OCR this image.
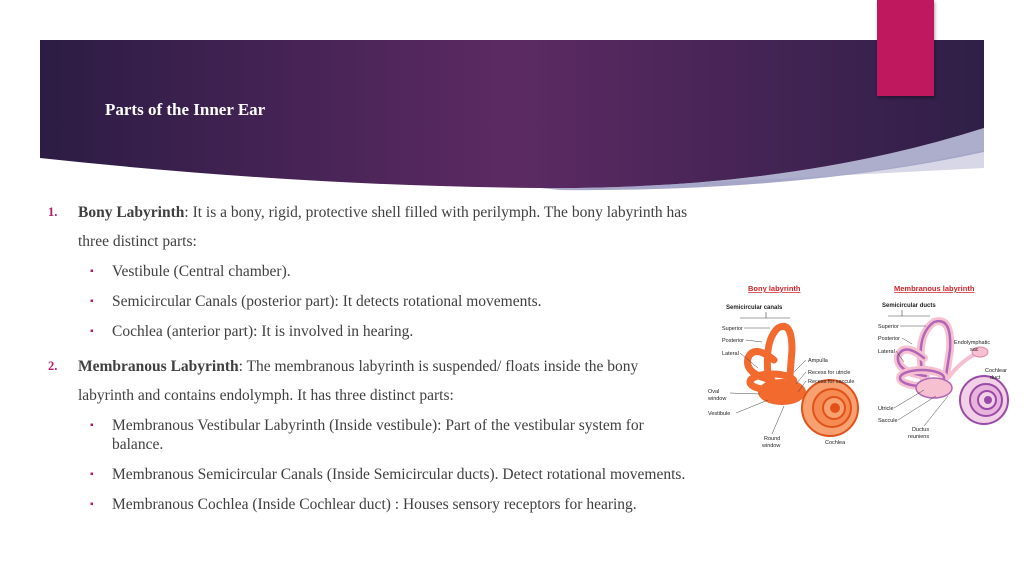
Parts of the Inner Ear
1. Bony Labyrinth: It is a bony, rigid, protective shell filled with perilymph. The bony labyrinth has three distinct parts:
▪ Vestibule (Central chamber).
▪ Semicircular Canals (posterior part): It detects rotational movements.
▪ Cochlea (anterior part): It is involved in hearing.
2. Membranous Labyrinth: The membranous labyrinth is suspended/ floats inside the bony labyrinth and contains endolymph. It has three distinct parts:
▪ Membranous Vestibular Labyrinth (Inside vestibule): Part of the vestibular system for balance.
▪ Membranous Semicircular Canals (Inside Semicircular ducts). Detect rotational movements.
▪ Membranous Cochlea (Inside Cochlear duct) : Houses sensory receptors for hearing.
Bony labyrinth
Semicircular canals
Superior
Posterior
Lateral
Ampulla
Recess for utricle
Recess for saccule
Oval
window
Vestibule
Round
window	Cochlea
Membranous labyrinth
Semicircular ducts
Superior
Posterior
Lateral
Endolymphatic
sac
Cochlear
duct
Utricle
Saccule
Ductus
reuniens
